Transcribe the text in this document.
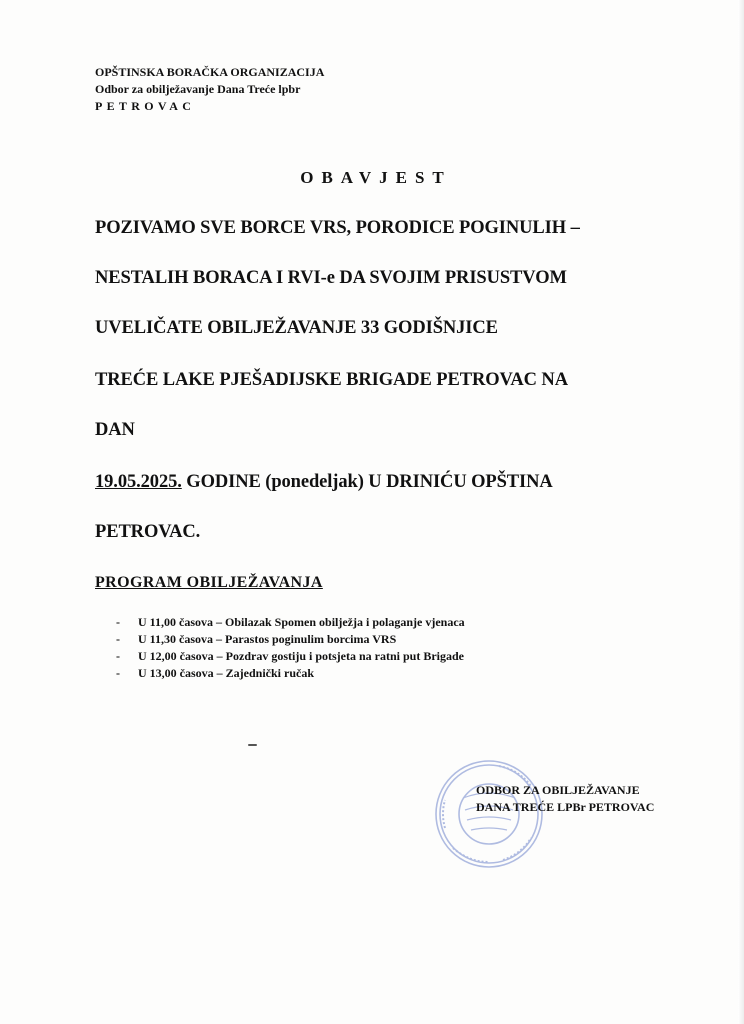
OPŠTINSKA BORAČKA ORGANIZACIJA
Odbor za obilježavanje Dana Treće lpbr
PETROVAC
OBAVJEST
POZIVAMO SVE BORCE VRS, PORODICE POGINULIH –
NESTALIH BORACA I RVI-e DA SVOJIM PRISUSTVOM
UVELIČATE OBILJEŽAVANJE 33 GODIŠNJICE
TREĆE LAKE PJEŠADIJSKE BRIGADE PETROVAC NA
DAN
19.05.2025. GODINE (ponedeljak) U DRINIĆU OPŠTINA
PETROVAC.
PROGRAM OBILJEŽAVANJA
- U 11,00 časova – Obilazak Spomen obilježja i polaganje vjenaca
- U 11,30 časova – Parastos poginulim borcima VRS
- U 12,00 časova – Pozdrav gostiju i potsjeta na ratni put Brigade
- U 13,00 časova – Zajednički ručak
ODBOR ZA OBILJEŽAVANJE
DANA TREĆE LPBr PETROVAC
